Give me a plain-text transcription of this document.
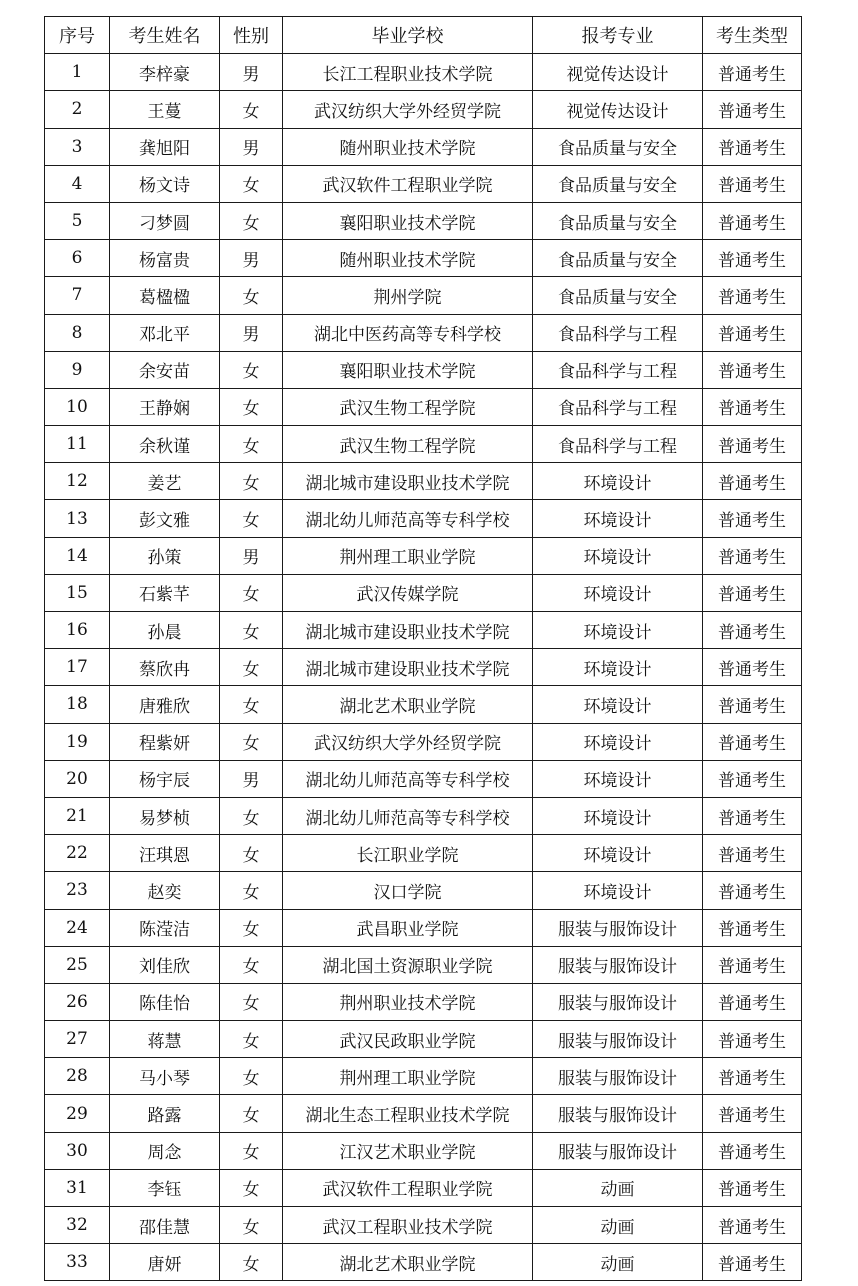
序号	考生姓名	性别	毕业学校	报考专业	考生类型
1	李梓豪	男	长江工程职业技术学院	视觉传达设计	普通考生
2	王蔓	女	武汉纺织大学外经贸学院	视觉传达设计	普通考生
3	龚旭阳	男	随州职业技术学院	食品质量与安全	普通考生
4	杨文诗	女	武汉软件工程职业学院	食品质量与安全	普通考生
5	刁梦圆	女	襄阳职业技术学院	食品质量与安全	普通考生
6	杨富贵	男	随州职业技术学院	食品质量与安全	普通考生
7	葛楹楹	女	荆州学院	食品质量与安全	普通考生
8	邓北平	男	湖北中医药高等专科学校	食品科学与工程	普通考生
9	余安苗	女	襄阳职业技术学院	食品科学与工程	普通考生
10	王静娴	女	武汉生物工程学院	食品科学与工程	普通考生
11	余秋谨	女	武汉生物工程学院	食品科学与工程	普通考生
12	姜艺	女	湖北城市建设职业技术学院	环境设计	普通考生
13	彭文雅	女	湖北幼儿师范高等专科学校	环境设计	普通考生
14	孙策	男	荆州理工职业学院	环境设计	普通考生
15	石紫芊	女	武汉传媒学院	环境设计	普通考生
16	孙晨	女	湖北城市建设职业技术学院	环境设计	普通考生
17	蔡欣冉	女	湖北城市建设职业技术学院	环境设计	普通考生
18	唐雅欣	女	湖北艺术职业学院	环境设计	普通考生
19	程紫妍	女	武汉纺织大学外经贸学院	环境设计	普通考生
20	杨宇辰	男	湖北幼儿师范高等专科学校	环境设计	普通考生
21	易梦桢	女	湖北幼儿师范高等专科学校	环境设计	普通考生
22	汪琪恩	女	长江职业学院	环境设计	普通考生
23	赵奕	女	汉口学院	环境设计	普通考生
24	陈滢洁	女	武昌职业学院	服装与服饰设计	普通考生
25	刘佳欣	女	湖北国土资源职业学院	服装与服饰设计	普通考生
26	陈佳怡	女	荆州职业技术学院	服装与服饰设计	普通考生
27	蒋慧	女	武汉民政职业学院	服装与服饰设计	普通考生
28	马小琴	女	荆州理工职业学院	服装与服饰设计	普通考生
29	路露	女	湖北生态工程职业技术学院	服装与服饰设计	普通考生
30	周念	女	江汉艺术职业学院	服装与服饰设计	普通考生
31	李钰	女	武汉软件工程职业学院	动画	普通考生
32	邵佳慧	女	武汉工程职业技术学院	动画	普通考生
33	唐妍	女	湖北艺术职业学院	动画	普通考生
